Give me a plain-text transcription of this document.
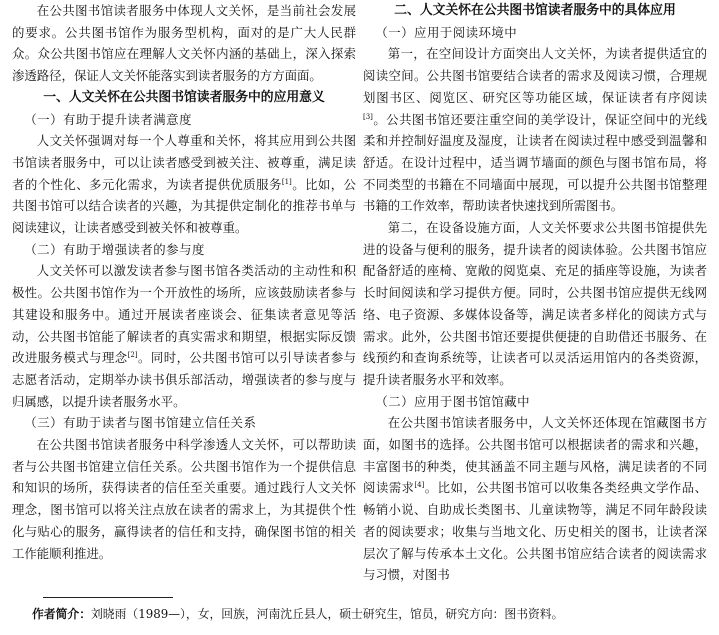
在公共图书馆读者服务中体现人文关怀，是当前社会发展的要求。公共图书馆作为服务型机构，面对的是广大人民群众。众公共图书馆应在理解人文关怀内涵的基础上，深入探索渗透路径，保证人文关怀能落实到读者服务的方方面面。

一、人文关怀在公共图书馆读者服务中的应用意义

（一）有助于提升读者满意度

人文关怀强调对每一个人尊重和关怀，将其应用到公共图书馆读者服务中，可以让读者感受到被关注、被尊重，满足读者的个性化、多元化需求，为读者提供优质服务[1]。比如，公共图书馆可以结合读者的兴趣，为其提供定制化的推荐书单与阅读建议，让读者感受到被关怀和被尊重。

（二）有助于增强读者的参与度

人文关怀可以激发读者参与图书馆各类活动的主动性和积极性。公共图书馆作为一个开放性的场所，应该鼓励读者参与其建设和服务中。通过开展读者座谈会、征集读者意见等活动，公共图书馆能了解读者的真实需求和期望，根据实际反馈改进服务模式与理念[2]。同时，公共图书馆可以引导读者参与志愿者活动，定期举办读书俱乐部活动，增强读者的参与度与归属感，以提升读者服务水平。

（三）有助于读者与图书馆建立信任关系

在公共图书馆读者服务中科学渗透人文关怀，可以帮助读者与公共图书馆建立信任关系。公共图书馆作为一个提供信息和知识的场所，获得读者的信任至关重要。通过践行人文关怀理念，图书馆可以将关注点放在读者的需求上，为其提供个性化与贴心的服务，赢得读者的信任和支持，确保图书馆的相关工作能顺利推进。

二、人文关怀在公共图书馆读者服务中的具体应用

（一）应用于阅读环境中

第一，在空间设计方面突出人文关怀，为读者提供适宜的阅读空间。公共图书馆要结合读者的需求及阅读习惯，合理规划图书区、阅览区、研究区等功能区域，保证读者有序阅读[3]。公共图书馆还要注重空间的美学设计，保证空间中的光线柔和并控制好温度及湿度，让读者在阅读过程中感受到温馨和舒适。在设计过程中，适当调节墙面的颜色与图书馆布局，将不同类型的书籍在不同墙面中展现，可以提升公共图书馆整理书籍的工作效率，帮助读者快速找到所需图书。

第二，在设备设施方面，人文关怀要求公共图书馆提供先进的设备与便利的服务，提升读者的阅读体验。公共图书馆应配备舒适的座椅、宽敞的阅览桌、充足的插座等设施，为读者长时间阅读和学习提供方便。同时，公共图书馆应提供无线网络、电子资源、多媒体设备等，满足读者多样化的阅读方式与需求。此外，公共图书馆还要提供便捷的自助借还书服务、在线预约和查询系统等，让读者可以灵活运用馆内的各类资源，提升读者服务水平和效率。

（二）应用于图书馆馆藏中

在公共图书馆读者服务中，人文关怀还体现在馆藏图书方面，如图书的选择。公共图书馆可以根据读者的需求和兴趣，丰富图书的种类，使其涵盖不同主题与风格，满足读者的不同阅读需求[4]。比如，公共图书馆可以收集各类经典文学作品、畅销小说、自助成长类图书、儿童读物等，满足不同年龄段读者的阅读要求；收集与当地文化、历史相关的图书，让读者深层次了解与传承本土文化。公共图书馆应结合读者的阅读需求与习惯，对图书

作者简介：刘晓雨（1989—），女，回族，河南沈丘县人，硕士研究生，馆员，研究方向：图书资料。
